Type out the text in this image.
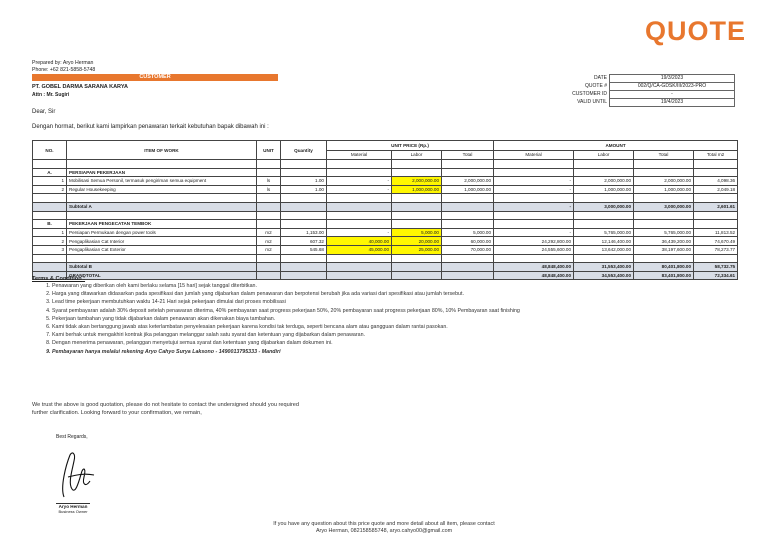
QUOTE
Prepared by: Aryo Herman
Phone: +62 821-5858-5748
CUSTOMER
PT. GOBEL DARMA SARANA KARYA
Attn : Mr. Sugiri
DATE	19/3/2023
QUOTE #	002/Q/CA-GDSK/III/2023-PRO
CUSTOMER ID	-
VALID UNTIL	19/4/2023
Dear, Sir
Dengan hormat, berikut kami lampirkan penawaran terkait kebutuhan bapak dibawah ini :
NO.	ITEM OF WORK	UNIT	Quantity	UNIT PRICE (Rp.)			AMOUNT			
				Material	Labor	Total	Material	Labor	Total	Total m2

A.	PERSIAPAN PEKERJAAN									
1	Mobilisasi Semua Personil, termasuk pengiriman semua equipment	ls	1.00	-	2,000,000.00	2,000,000.00	-	2,000,000.00	2,000,000.00	4,098.36
2	Regular Housekeeping	ls	1.00	-	1,000,000.00	1,000,000.00	-	1,000,000.00	1,000,000.00	2,049.18

	Subtotal A						-	3,000,000.00	3,000,000.00	2,601.61

B.	PEKERJAAN PENGECATAN TEMBOK									
1	Persiapan Permukaan dengan power tools	m2	1,153.00	-	5,000.00	5,000.00	-	5,765,000.00	5,765,000.00	11,813.52
2	Pengaplikasian Cat Interior	m2	607.32	40,000.00	20,000.00	60,000.00	24,292,800.00	12,146,400.00	36,439,200.00	74,670.49
3	Pengaplikasian Cat Exterior	m2	545.68	45,000.00	25,000.00	70,000.00	24,555,600.00	13,642,000.00	38,197,600.00	78,273.77

	Subtotal B						48,848,400.00	31,553,400.00	80,401,800.00	58,732.75
	GRANDTOTAL						48,848,400.00	34,553,400.00	83,401,800.00	72,334.61
Terms & Condition :
1. Penawaran yang diberikan oleh kami berlaku selama [15 hari] sejak tanggal diterbitkan.
2. Harga yang ditawarkan didasarkan pada spesifikasi dan jumlah yang dijabarkan dalam penawaran dan berpotensi berubah jika ada variasi dari spesifikasi atau jumlah tersebut.
3. Lead time pekerjaan membutuhkan waktu 14-21 Hari sejak pekerjaan dimulai dari proses mobilisasi
4. Syarat pembayaran adalah 30% deposit setelah penawaran diterima, 40% pembayaran saat progress pekerjaan 50%, 20% pembayaran saat progress pekerjaan 80%, 10% Pembayaran saat finishing
5. Pekerjaan tambahan yang tidak dijabarkan dalam penawaran akan dikenakan biaya tambahan.
6. Kami tidak akan bertanggung jawab atas keterlambatan penyelesaian pekerjaan karena kondisi tak terduga, seperti bencana alam atau gangguan dalam rantai pasokan.
7. Kami berhak untuk mengakhiri kontrak jika pelanggan melanggar salah satu syarat dan ketentuan yang dijabarkan dalam penawaran.
8. Dengan menerima penawaran, pelanggan menyetujui semua syarat dan ketentuan yang dijabarkan dalam dokumen ini.
9. Pembayaran hanya melalui rekening Aryo Cahyo Surya Laksono - 1490013795333 - Mandiri
We trust the above is good quotation, please do not hesitate to contact the undersigned should you required
further clarification. Looking forward to your confirmation, we remain,
Best Regards,
Aryo Herman
Business Owner
If you have any question about this price quote and more detail about all item, please contact
Aryo Herman, 082158585748, aryo.cahyo00@gmail.com
